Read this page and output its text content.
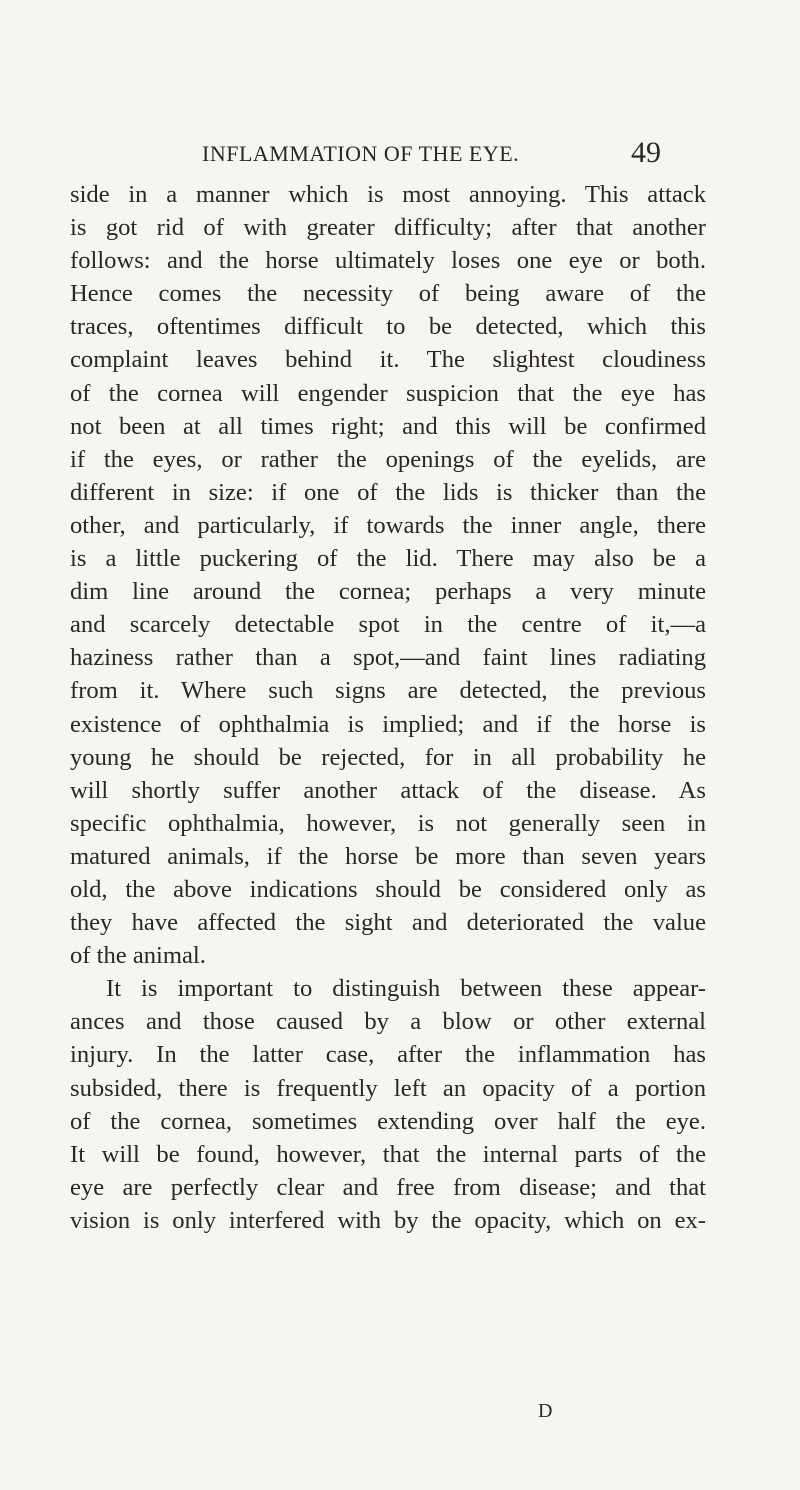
INFLAMMATION OF THE EYE.	49
side in a manner which is most annoying. This attack
is got rid of with greater difficulty; after that another
follows: and the horse ultimately loses one eye or both.
Hence comes the necessity of being aware of the
traces, oftentimes difficult to be detected, which this
complaint leaves behind it. The slightest cloudiness
of the cornea will engender suspicion that the eye has
not been at all times right; and this will be confirmed
if the eyes, or rather the openings of the eyelids, are
different in size: if one of the lids is thicker than the
other, and particularly, if towards the inner angle, there
is a little puckering of the lid. There may also be a
dim line around the cornea; perhaps a very minute
and scarcely detectable spot in the centre of it,—a
haziness rather than a spot,—and faint lines radiating
from it. Where such signs are detected, the previous
existence of ophthalmia is implied; and if the horse is
young he should be rejected, for in all probability he
will shortly suffer another attack of the disease. As
specific ophthalmia, however, is not generally seen in
matured animals, if the horse be more than seven years
old, the above indications should be considered only as
they have affected the sight and deteriorated the value
of the animal.
It is important to distinguish between these appear-
ances and those caused by a blow or other external
injury. In the latter case, after the inflammation has
subsided, there is frequently left an opacity of a portion
of the cornea, sometimes extending over half the eye.
It will be found, however, that the internal parts of the
eye are perfectly clear and free from disease; and that
vision is only interfered with by the opacity, which on ex-
D
